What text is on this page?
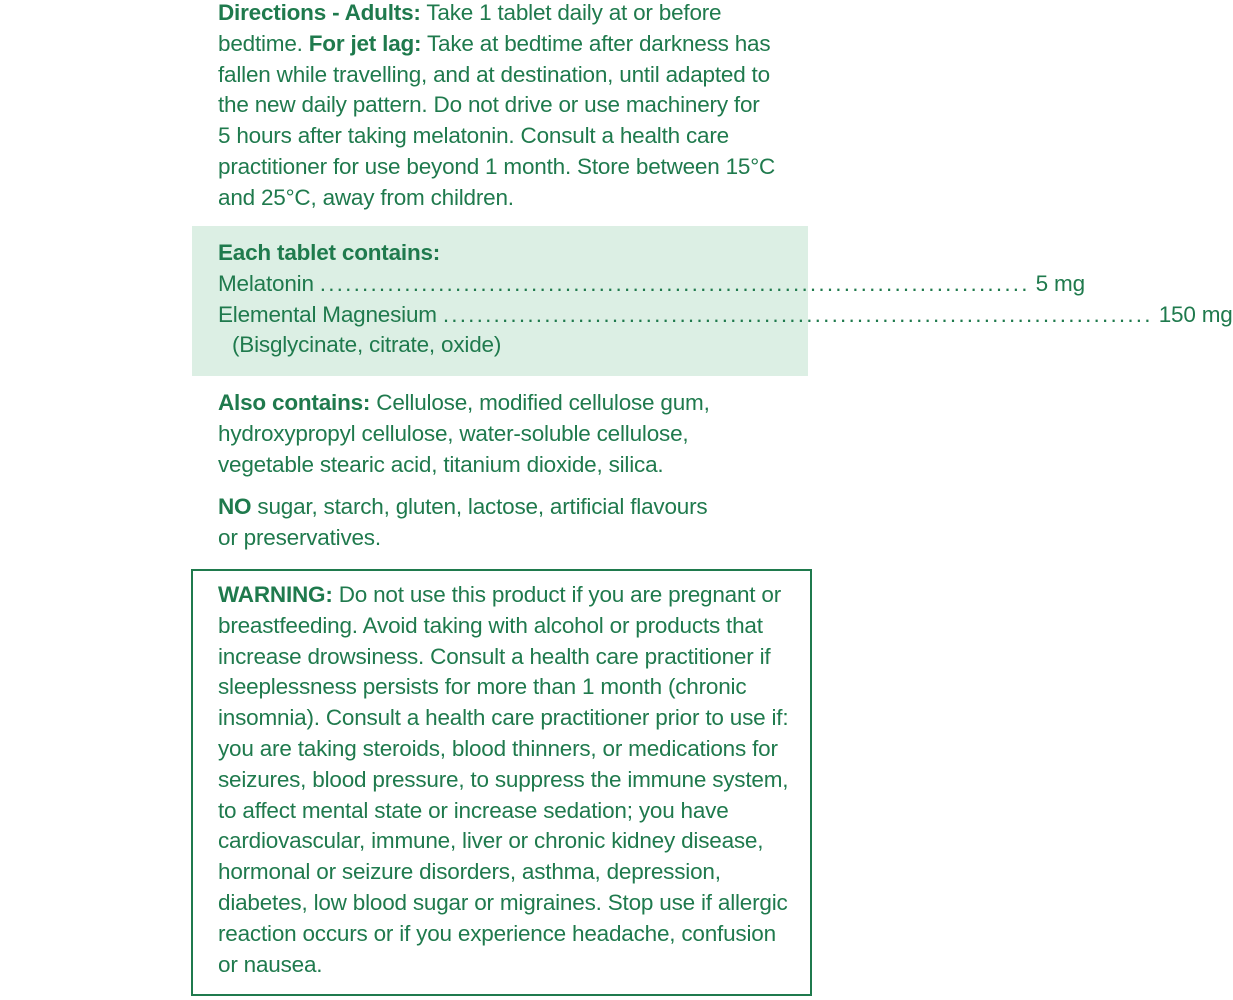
Directions - Adults: Take 1 tablet daily at or before
bedtime. For jet lag: Take at bedtime after darkness has
fallen while travelling, and at destination, until adapted to
the new daily pattern. Do not drive or use machinery for
5 hours after taking melatonin. Consult a health care
practitioner for use beyond 1 month. Store between 15°C
and 25°C, away from children.
Each tablet contains:
Melatonin .................................................................................... 5 mg
Elemental Magnesium .................................................................................... 150 mg
(Bisglycinate, citrate, oxide)
Also contains: Cellulose, modified cellulose gum,
hydroxypropyl cellulose, water-soluble cellulose,
vegetable stearic acid, titanium dioxide, silica.
NO sugar, starch, gluten, lactose, artificial flavours
or preservatives.
WARNING: Do not use this product if you are pregnant or
breastfeeding. Avoid taking with alcohol or products that
increase drowsiness. Consult a health care practitioner if
sleeplessness persists for more than 1 month (chronic
insomnia). Consult a health care practitioner prior to use if:
you are taking steroids, blood thinners, or medications for
seizures, blood pressure, to suppress the immune system,
to affect mental state or increase sedation; you have
cardiovascular, immune, liver or chronic kidney disease,
hormonal or seizure disorders, asthma, depression,
diabetes, low blood sugar or migraines. Stop use if allergic
reaction occurs or if you experience headache, confusion
or nausea.
